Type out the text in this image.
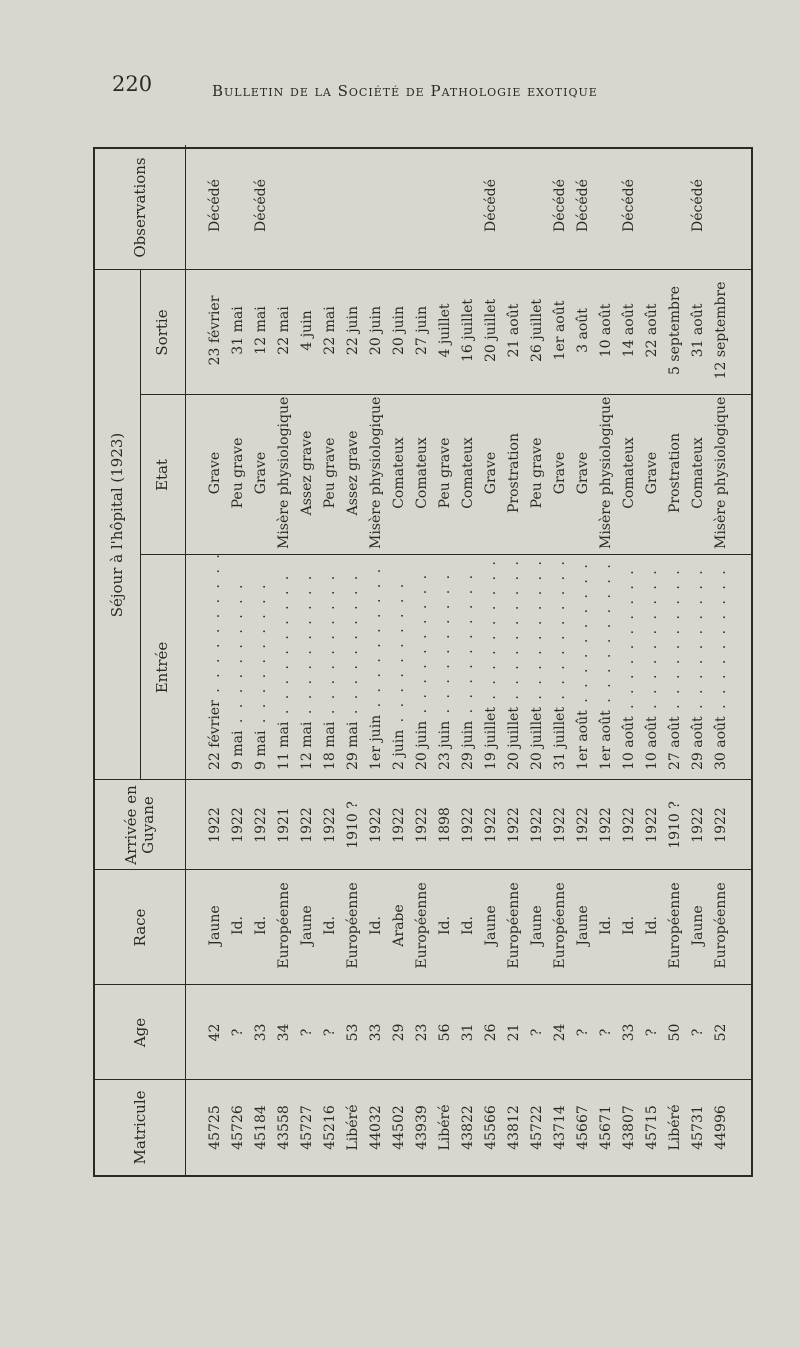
220	Bulletin de la Société de Pathologie exotique
Matricule
Age
Race
Arrivée en Guyane
Séjour à l'hôpital (1923)
Entrée
Etat
Sortie
Observations
45725
42
Jaune
1922
22 février . . . . . . . . . .
Grave
23 février
Décédé
45726
?
Id.
1922
9 mai . . . . . . . . . .
Peu grave
31 mai
45184
33
Id.
1922
9 mai . . . . . . . . . .
Grave
12 mai
Décédé
43558
34
Européenne
1921
11 mai . . . . . . . . . .
Misère physiologique
22 mai
45727
?
Jaune
1922
12 mai . . . . . . . . . .
Assez grave
4 juin
45216
?
Id.
1922
18 mai . . . . . . . . . .
Peu grave
22 mai
Libéré
53
Européenne
1910 ?
29 mai . . . . . . . . . .
Assez grave
22 juin
44032
33
Id.
1922
1er juin . . . . . . . . . .
Misère physiologique
20 juin
44502
29
Arabe
1922
2 juin . . . . . . . . . .
Comateux
20 juin
43939
23
Européenne
1922
20 juin . . . . . . . . . .
Comateux
27 juin
Libéré
56
Id.
1898
23 juin . . . . . . . . . .
Peu grave
4 juillet
43822
31
Id.
1922
29 juin . . . . . . . . . .
Comateux
16 juillet
45566
26
Jaune
1922
19 juillet . . . . . . . . . .
Grave
20 juillet
Décédé
43812
21
Européenne
1922
20 juillet . . . . . . . . . .
Prostration
21 août
45722
?
Jaune
1922
20 juillet . . . . . . . . . .
Peu grave
26 juillet
43714
24
Européenne
1922
31 juillet . . . . . . . . . .
Grave
1er août
Décédé
45667
?
Jaune
1922
1er août . . . . . . . . . .
Grave
3 août
Décédé
45671
?
Id.
1922
1er août . . . . . . . . . .
Misère physiologique
10 août
43807
33
Id.
1922
10 août . . . . . . . . . .
Comateux
14 août
Décédé
45715
?
Id.
1922
10 août . . . . . . . . . .
Grave
22 août
Libéré
50
Européenne
1910 ?
27 août . . . . . . . . . .
Prostration
5 septembre
45731
?
Jaune
1922
29 août . . . . . . . . . .
Comateux
31 août
Décédé
44996
52
Européenne
1922
30 août . . . . . . . . . .
Misère physiologique
12 septembre
